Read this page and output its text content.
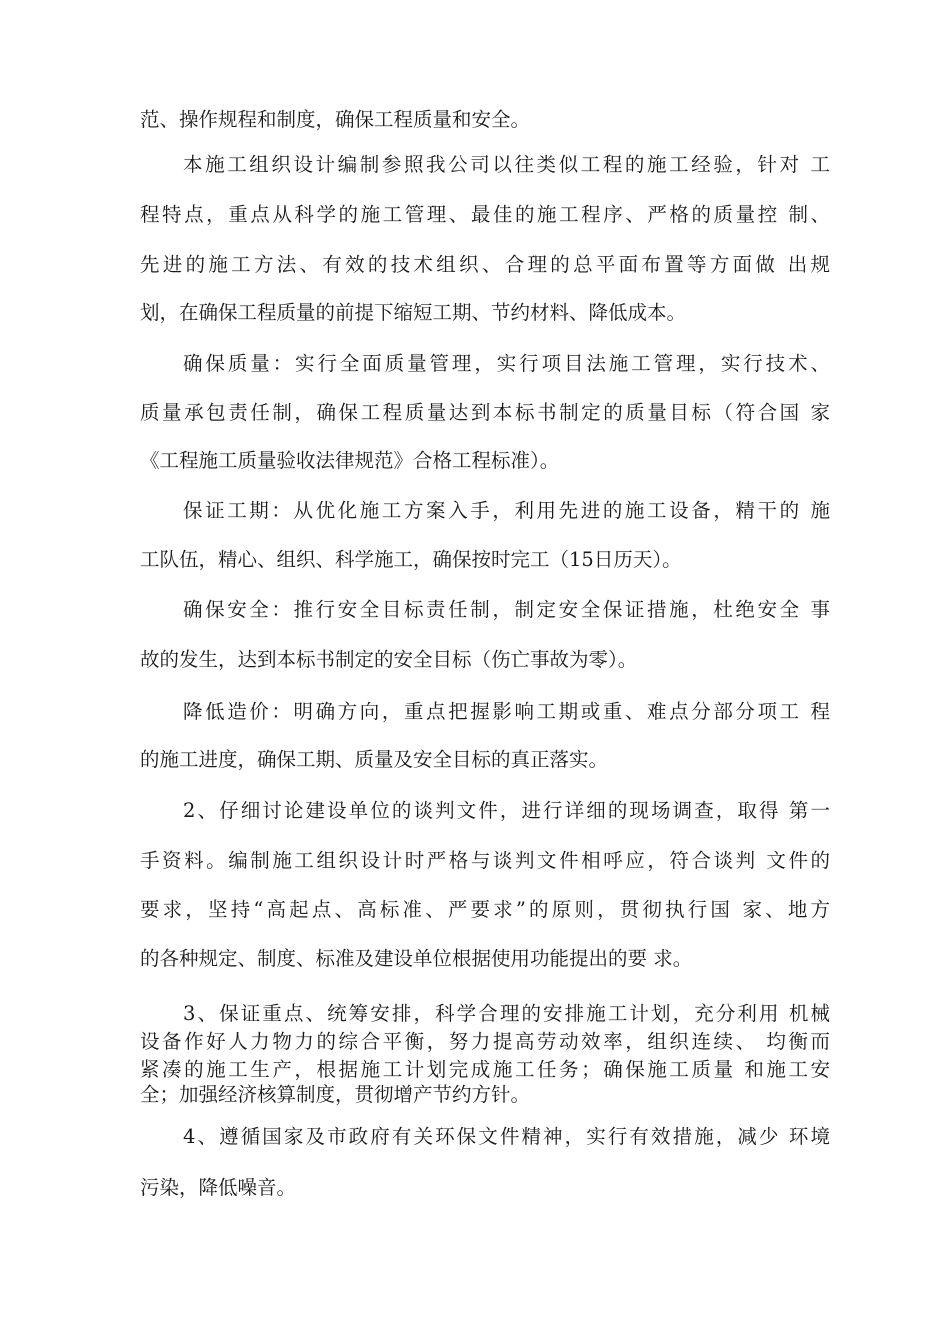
范、操作规程和制度，确保工程质量和安全。
本施工组织设计编制参照我公司以往类似工程的施工经验，针对 工
程特点，重点从科学的施工管理、最佳的施工程序、严格的质量控 制、
先进的施工方法、有效的技术组织、合理的总平面布置等方面做 出规
划，在确保工程质量的前提下缩短工期、节约材料、降低成本。
确保质量：实行全面质量管理，实行项目法施工管理，实行技术、
质量承包责任制，确保工程质量达到本标书制定的质量目标（符合国 家
《工程施工质量验收法律规范》合格工程标准）。
保证工期：从优化施工方案入手，利用先进的施工设备，精干的 施
工队伍，精心、组织、科学施工，确保按时完工（15日历天）。
确保安全：推行安全目标责任制，制定安全保证措施，杜绝安全 事
故的发生，达到本标书制定的安全目标（伤亡事故为零）。
降低造价：明确方向，重点把握影响工期或重、难点分部分项工 程
的施工进度，确保工期、质量及安全目标的真正落实。
2、仔细讨论建设单位的谈判文件，进行详细的现场调查，取得 第一
手资料。编制施工组织设计时严格与谈判文件相呼应，符合谈判 文件的
要求，坚持“高起点、高标准、严要求”的原则，贯彻执行国 家、地方
的各种规定、制度、标准及建设单位根据使用功能提出的要 求。
3、保证重点、统筹安排，科学合理的安排施工计划，充分利用 机械
设备作好人力物力的综合平衡，努力提高劳动效率，组织连续、 均衡而
紧凑的施工生产，根据施工计划完成施工任务；确保施工质量 和施工安
全；加强经济核算制度，贯彻增产节约方针。
4、遵循国家及市政府有关环保文件精神，实行有效措施，减少 环境
污染，降低噪音。
